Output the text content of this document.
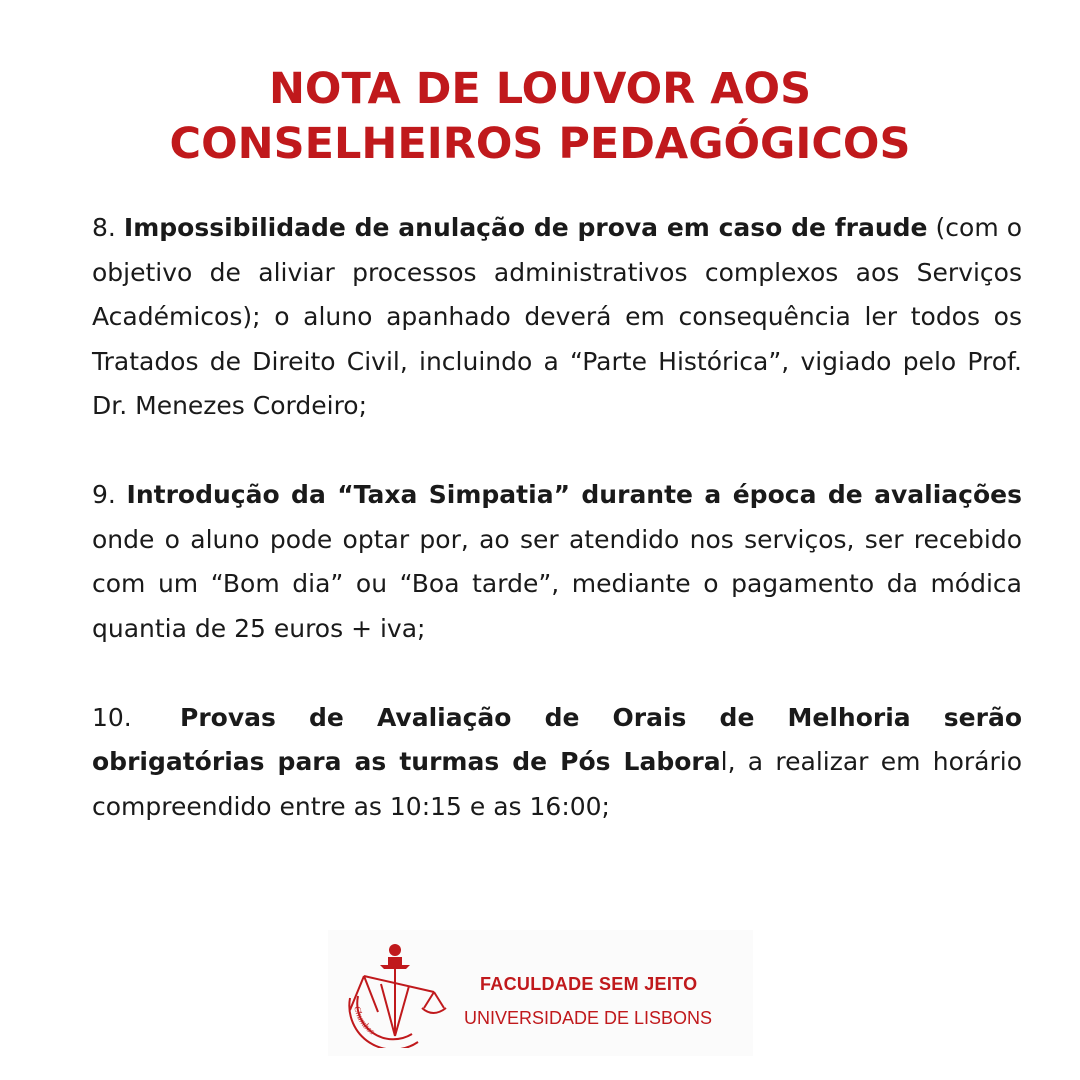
NOTA DE LOUVOR AOS
CONSELHEIROS PEDAGÓGICOS

8. Impossibilidade de anulação de prova em caso de fraude (com o objetivo de aliviar processos administrativos complexos aos Serviços Académicos); o aluno apanhado deverá em consequência ler todos os Tratados de Direito Civil, incluindo a “Parte Histórica”, vigiado pelo Prof. Dr. Menezes Cordeiro;

9. Introdução da “Taxa Simpatia” durante a época de avaliações onde o aluno pode optar por, ao ser atendido nos serviços, ser recebido com um “Bom dia” ou “Boa tarde”, mediante o pagamento da módica quantia de 25 euros + iva;

10. Provas de Avaliação de Orais de Melhoria serão obrigatórias para as turmas de Pós Laboral, a realizar em horário compreendido entre as 10:15 e as 16:00;

Chumbos
FACULDADE SEM JEITO
UNIVERSIDADE DE LISBONS
